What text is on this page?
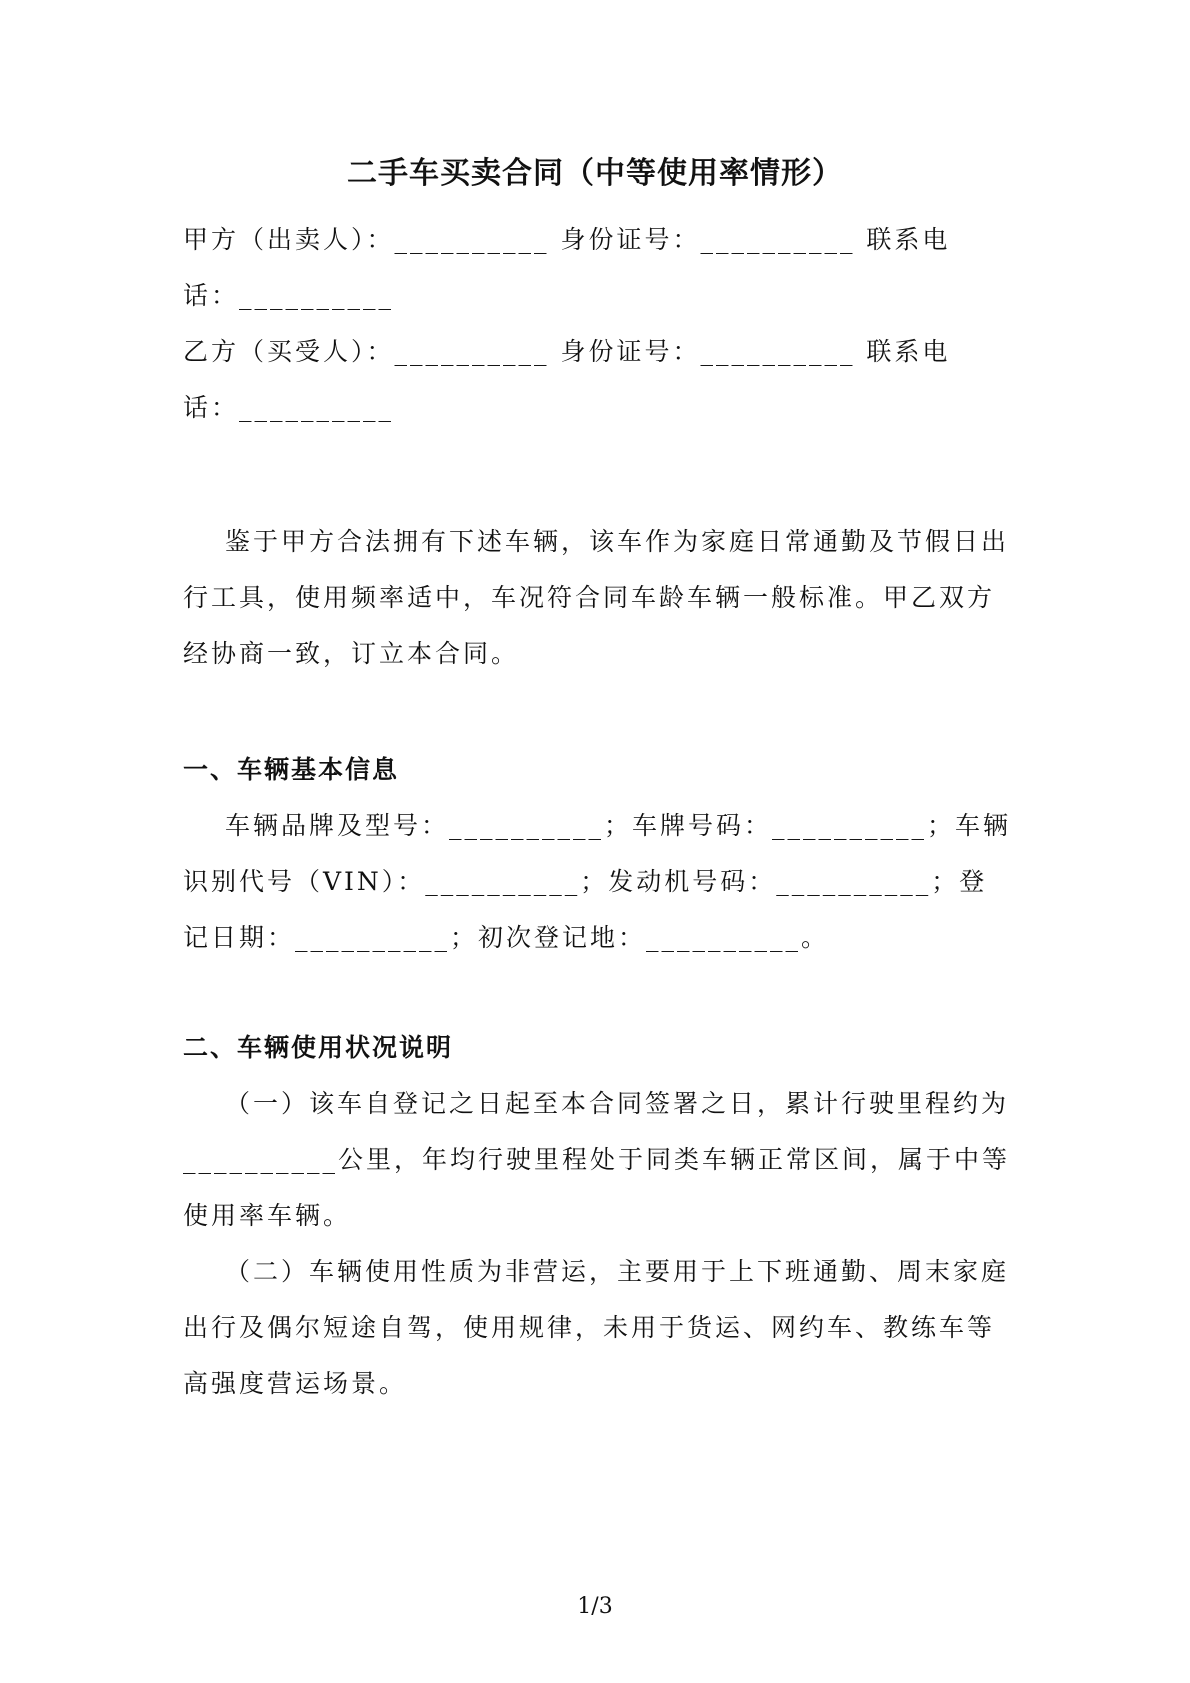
二手车买卖合同（中等使用率情形）
甲方（出卖人）：__________ 身份证号：__________ 联系电
话：__________
乙方（买受人）：__________ 身份证号：__________ 联系电
话：__________

鉴于甲方合法拥有下述车辆，该车作为家庭日常通勤及节假日出行工具，使用频率适中，车况符合同车龄车辆一般标准。甲乙双方经协商一致，订立本合同。

一、车辆基本信息

车辆品牌及型号：__________；车牌号码：__________；车辆识别代号（VIN）：__________；发动机号码：__________；登记日期：__________；初次登记地：__________。

二、车辆使用状况说明

（一）该车自登记之日起至本合同签署之日，累计行驶里程约为__________公里，年均行驶里程处于同类车辆正常区间，属于中等使用率车辆。

（二）车辆使用性质为非营运，主要用于上下班通勤、周末家庭出行及偶尔短途自驾，使用规律，未用于货运、网约车、教练车等高强度营运场景。

1/3
